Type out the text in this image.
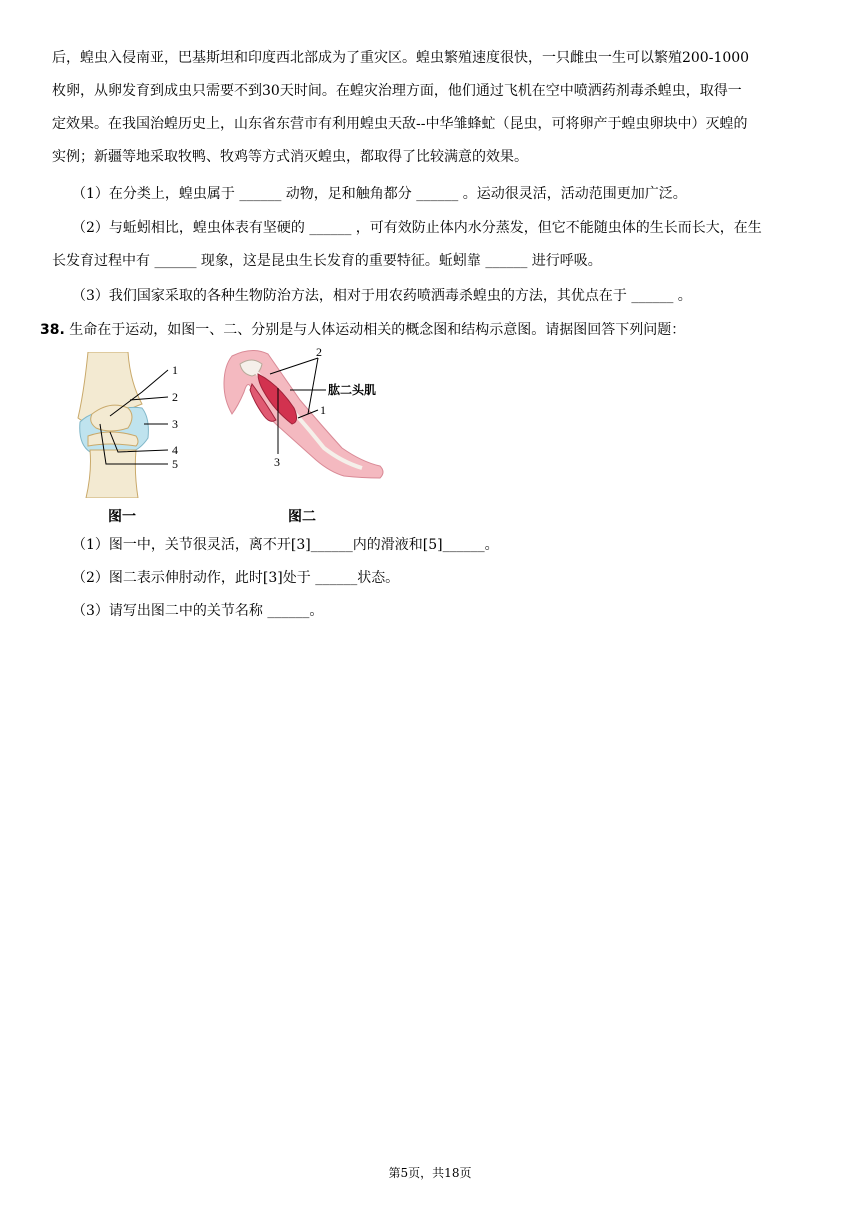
后，蝗虫入侵南亚，巴基斯坦和印度西北部成为了重灾区。蝗虫繁殖速度很快，一只雌虫一生可以繁殖200-1000
枚卵，从卵发育到成虫只需要不到30天时间。在蝗灾治理方面，他们通过飞机在空中喷洒药剂毒杀蝗虫，取得一
定效果。在我国治蝗历史上，山东省东营市有利用蝗虫天敌--中华雏蜂虻（昆虫，可将卵产于蝗虫卵块中）灭蝗的
实例；新疆等地采取牧鸭、牧鸡等方式消灭蝗虫，都取得了比较满意的效果。
（1）在分类上，蝗虫属于 ______ 动物，足和触角都分 ______ 。运动很灵活，活动范围更加广泛。
（2）与蚯蚓相比，蝗虫体表有坚硬的 ______ ，可有效防止体内水分蒸发，但它不能随虫体的生长而长大，在生
长发育过程中有 ______ 现象，这是昆虫生长发育的重要特征。蚯蚓靠 ______ 进行呼吸。
（3）我们国家采取的各种生物防治方法，相对于用农药喷洒毒杀蝗虫的方法，其优点在于 ______ 。
38. 生命在于运动，如图一、二、分别是与人体运动相关的概念图和结构示意图。请据图回答下列问题：
1
2
3
4
5
图一
肱二头肌
2
1
3
图二
（1）图一中，关节很灵活，离不开[3]______内的滑液和[5]______。
（2）图二表示伸肘动作，此时[3]处于 ______状态。
（3）请写出图二中的关节名称 ______。
第5页，共18页
